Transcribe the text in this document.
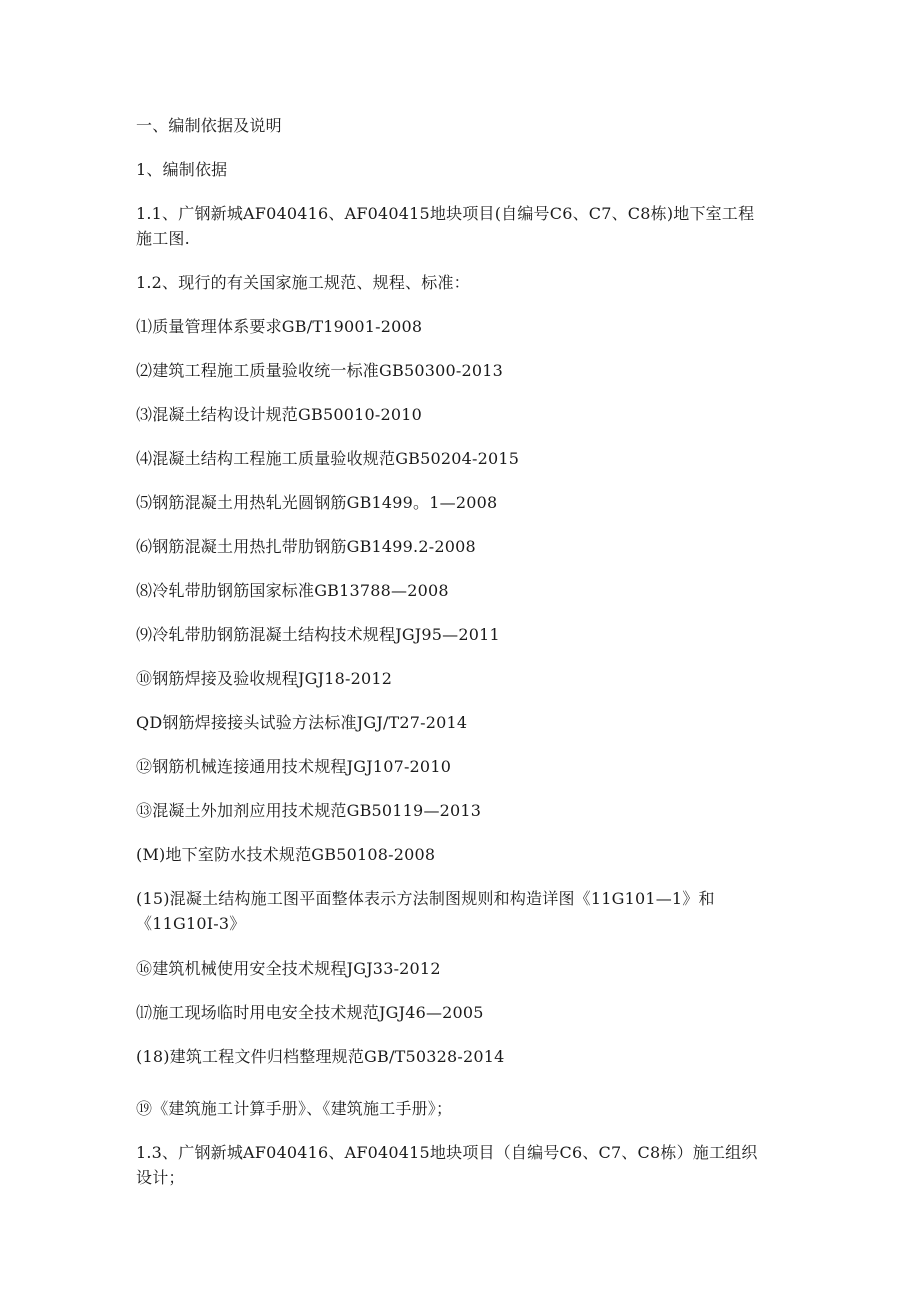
一、编制依据及说明
1、编制依据
1.1、广钢新城AF040416、AF040415地块项目(自编号C6、C7、C8栋)地下室工程
施工图.
1.2、现行的有关国家施工规范、规程、标准：
⑴质量管理体系要求GB/T19001-2008
⑵建筑工程施工质量验收统一标准GB50300-2013
⑶混凝土结构设计规范GB50010-2010
⑷混凝土结构工程施工质量验收规范GB50204-2015
⑸钢筋混凝土用热轧光圆钢筋GB1499。1—2008
⑹钢筋混凝土用热扎带肋钢筋GB1499.2-2008
⑻冷轧带肋钢筋国家标准GB13788—2008
⑼冷轧带肋钢筋混凝土结构技术规程JGJ95—2011
⑩钢筋焊接及验收规程JGJ18-2012
QD钢筋焊接接头试验方法标准JGJ/T27-2014
⑫钢筋机械连接通用技术规程JGJ107-2010
⑬混凝土外加剂应用技术规范GB50119—2013
(M)地下室防水技术规范GB50108-2008
(15)混凝土结构施工图平面整体表示方法制图规则和构造详图《11G101—1》和
《11G10I-3》
⑯建筑机械使用安全技术规程JGJ33-2012
⒄施工现场临时用电安全技术规范JGJ46—2005
(18)建筑工程文件归档整理规范GB/T50328-2014
⑲《建筑施工计算手册》、《建筑施工手册》；
1.3、广钢新城AF040416、AF040415地块项目（自编号C6、C7、C8栋）施工组织
设计；
